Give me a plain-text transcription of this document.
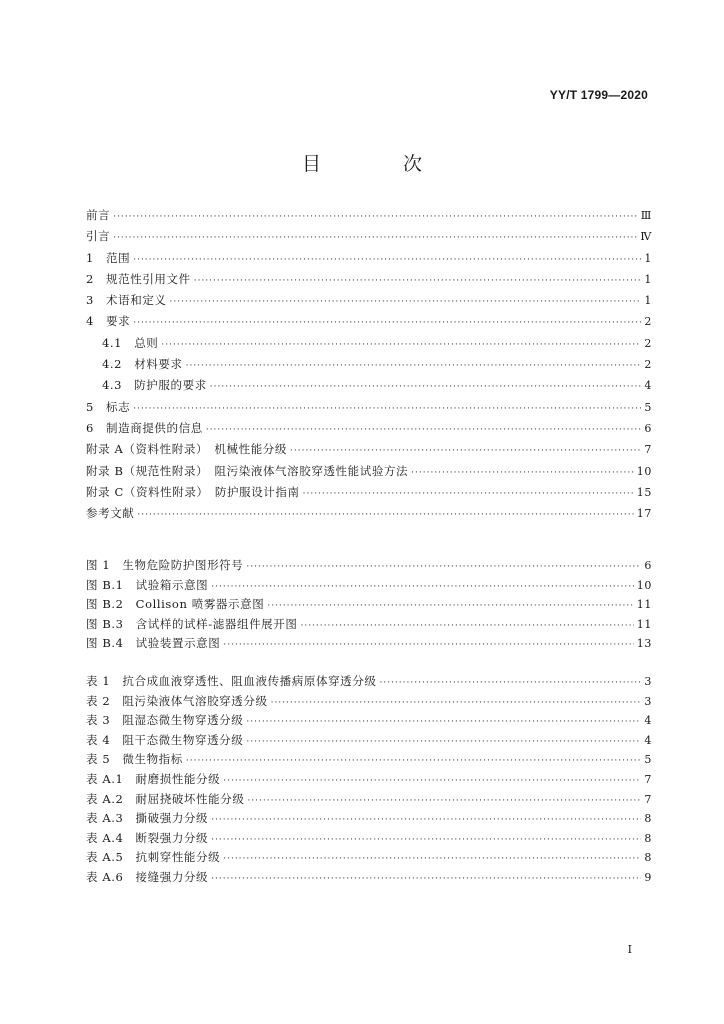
YY/T 1799—2020
目 次
前言 ·····	Ⅲ
引言 ·····	Ⅳ
1　范围 ·····	1
2　规范性引用文件 ·····	1
3　术语和定义 ·····	1
4　要求 ·····	2
4.1　总则 ·····	2
4.2　材料要求 ·····	2
4.3　防护服的要求 ·····	4
5　标志 ·····	5
6　制造商提供的信息 ·····	6
附录 A（资料性附录）　机械性能分级 ·····	7
附录 B（规范性附录）　阻污染液体气溶胶穿透性能试验方法 ·····	10
附录 C（资料性附录）　防护服设计指南 ·····	15
参考文献 ·····	17
图 1　生物危险防护图形符号 ·····	6
图 B.1　试验箱示意图 ·····	10
图 B.2　Collison 喷雾器示意图 ·····	11
图 B.3　含试样的试样-滤器组件展开图 ·····	11
图 B.4　试验装置示意图 ·····	13
表 1　抗合成血液穿透性、阻血液传播病原体穿透分级 ·····	3
表 2　阻污染液体气溶胶穿透分级 ·····	3
表 3　阻湿态微生物穿透分级 ·····	4
表 4　阻干态微生物穿透分级 ·····	4
表 5　微生物指标 ·····	5
表 A.1　耐磨损性能分级 ·····	7
表 A.2　耐屈挠破坏性能分级 ·····	7
表 A.3　撕破强力分级 ·····	8
表 A.4　断裂强力分级 ·····	8
表 A.5　抗刺穿性能分级 ·····	8
表 A.6　接缝强力分级 ·····	9
I
